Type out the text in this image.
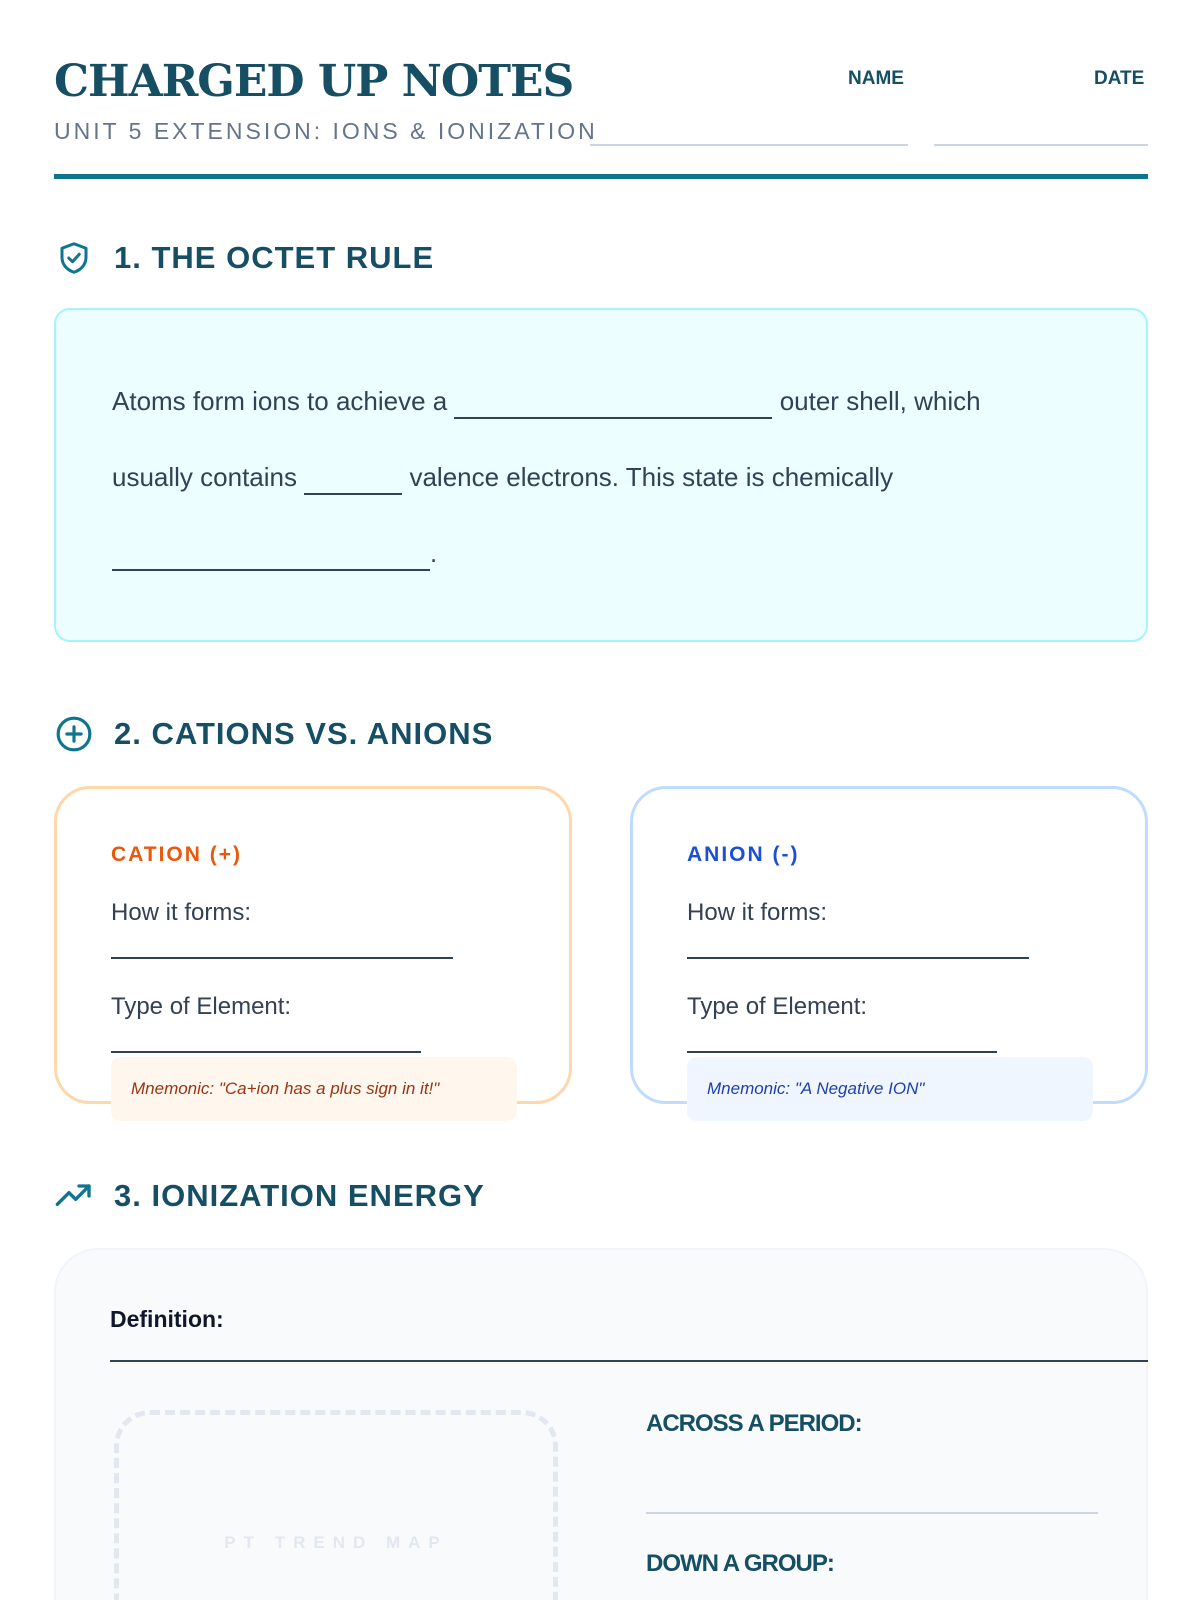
CHARGED UP NOTES
UNIT 5 EXTENSION: IONS & IONIZATION
NAME	DATE
1. THE OCTET RULE
Atoms form ions to achieve a	outer shell, which
usually contains	valence electrons. This state is chemically
.
2. CATIONS VS. ANIONS
CATION (+)
How it forms:
Type of Element:
Mnemonic: "Ca+ion has a plus sign in it!"
ANION (-)
How it forms:
Type of Element:
Mnemonic: "A Negative ION"
3. IONIZATION ENERGY
Definition:
PT TREND MAP
ACROSS A PERIOD:
DOWN A GROUP:
